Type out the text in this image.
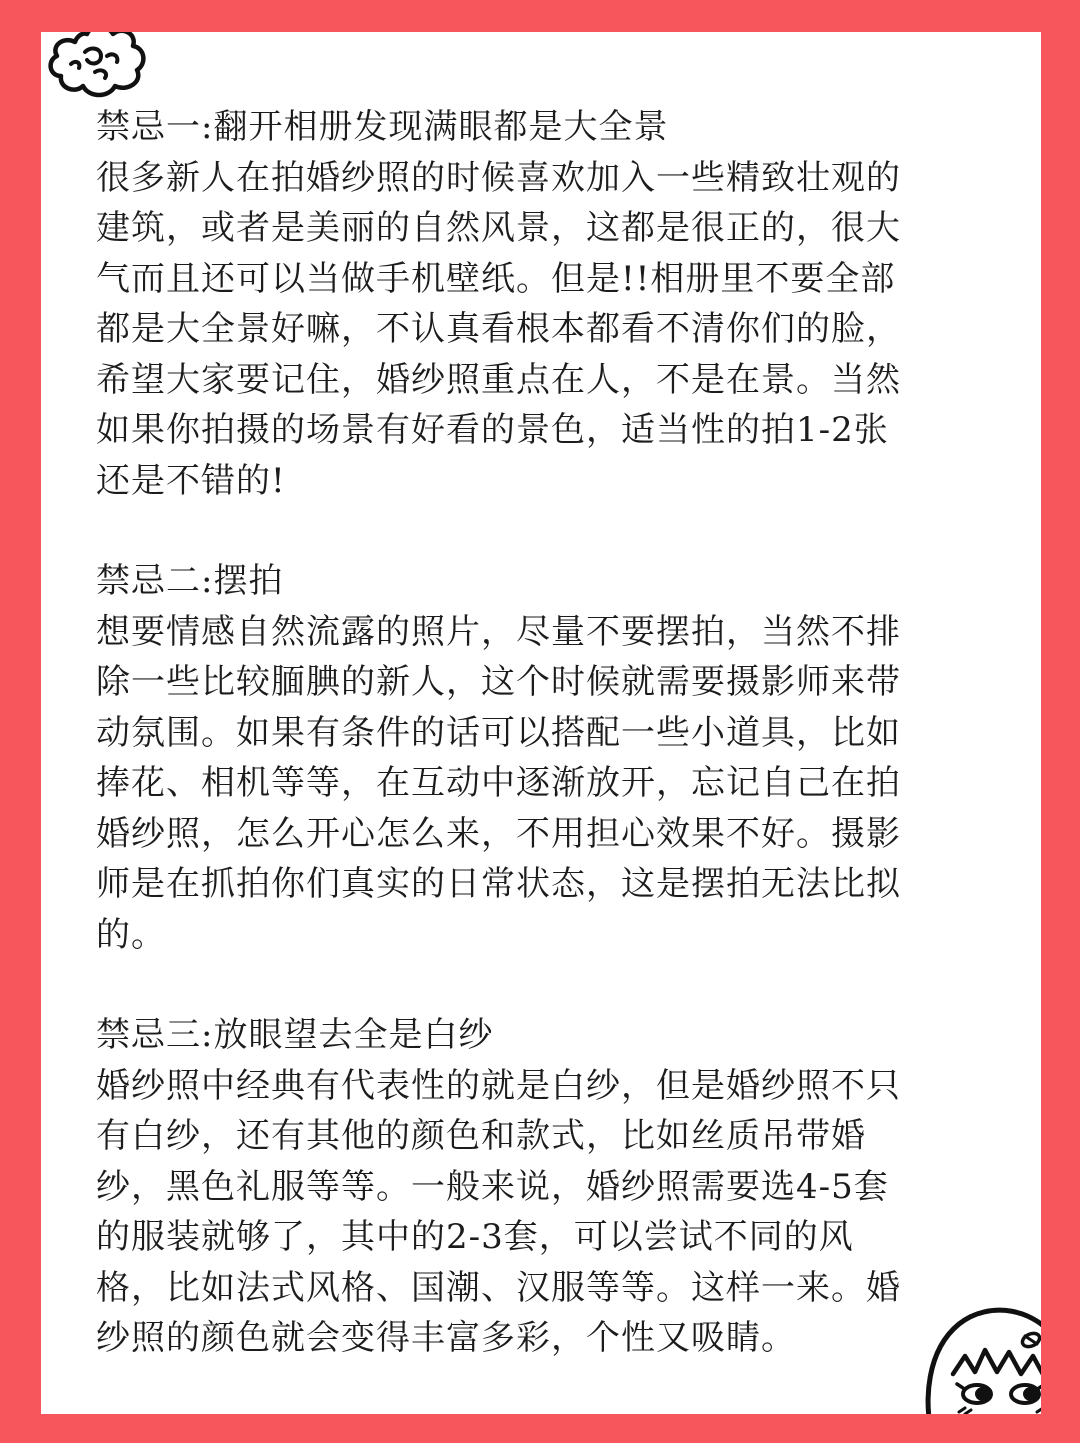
禁忌一:翻开相册发现满眼都是大全景
很多新人在拍婚纱照的时候喜欢加入一些精致壮观的
建筑，或者是美丽的自然风景，这都是很正的，很大
气而且还可以当做手机壁纸。但是!!相册里不要全部
都是大全景好嘛，不认真看根本都看不清你们的脸，
希望大家要记住，婚纱照重点在人，不是在景。当然
如果你拍摄的场景有好看的景色，适当性的拍1-2张
还是不错的!
禁忌二:摆拍
想要情感自然流露的照片，尽量不要摆拍，当然不排
除一些比较腼腆的新人，这个时候就需要摄影师来带
动氛围。如果有条件的话可以搭配一些小道具，比如
捧花、相机等等，在互动中逐渐放开，忘记自己在拍
婚纱照，怎么开心怎么来，不用担心效果不好。摄影
师是在抓拍你们真实的日常状态，这是摆拍无法比拟
的。
禁忌三:放眼望去全是白纱
婚纱照中经典有代表性的就是白纱，但是婚纱照不只
有白纱，还有其他的颜色和款式，比如丝质吊带婚
纱，黑色礼服等等。一般来说，婚纱照需要选4-5套
的服装就够了，其中的2-3套，可以尝试不同的风
格，比如法式风格、国潮、汉服等等。这样一来。婚
纱照的颜色就会变得丰富多彩，个性又吸睛。
